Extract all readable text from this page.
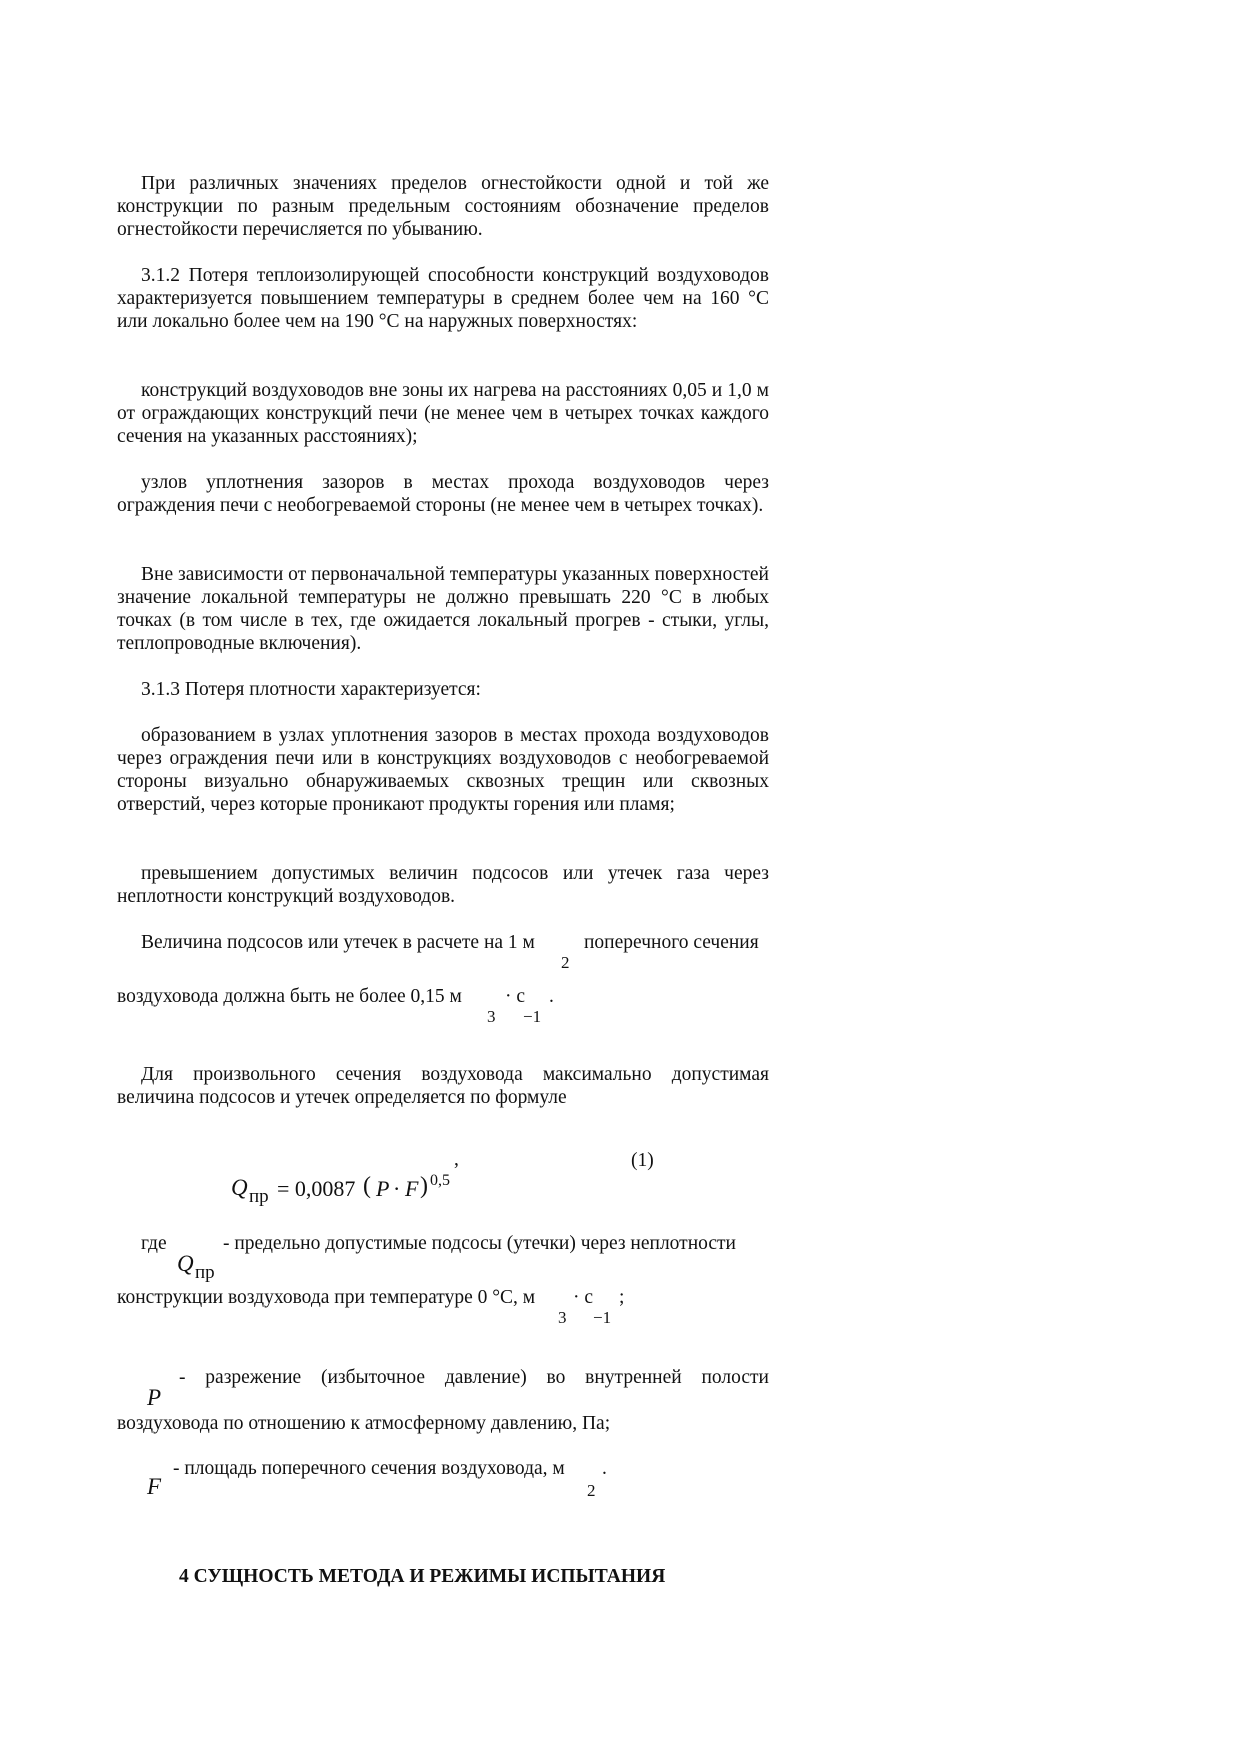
При различных значениях пределов огнестойкости одной и той же конструкции по разным предельным состояниям обозначение пределов огнестойкости перечисляется по убыванию.

3.1.2 Потеря теплоизолирующей способности конструкций воздуховодов характеризуется повышением температуры в среднем более чем на 160 °С или локально более чем на 190 °С на наружных поверхностях:

конструкций воздуховодов вне зоны их нагрева на расстояниях 0,05 и 1,0 м от ограждающих конструкций печи (не менее чем в четырех точках каждого сечения на указанных расстояниях);

узлов уплотнения зазоров в местах прохода воздуховодов через ограждения печи с необогреваемой стороны (не менее чем в четырех точках).

Вне зависимости от первоначальной температуры указанных поверхностей значение локальной температуры не должно превышать 220 °С в любых точках (в том числе в тех, где ожидается локальный прогрев - стыки, углы, теплопроводные включения).

3.1.3 Потеря плотности характеризуется:

образованием в узлах уплотнения зазоров в местах прохода воздуховодов через ограждения печи или в конструкциях воздуховодов с необогреваемой стороны визуально обнаруживаемых сквозных трещин или сквозных отверстий, через которые проникают продукты горения или пламя;

превышением допустимых величин подсосов или утечек газа через неплотности конструкций воздуховодов.

Величина подсосов или утечек в расчете на 1 м
2
поперечного сечения
воздуховода должна быть не более 0,15 м
3
· с
−1
.

Для произвольного сечения воздуховода максимально допустимая величина подсосов и утечек определяется по формуле

Q пр = 0,0087 ( P · F ) 0,5
,	(1)
где
Q пр
- предельно допустимые подсосы (утечки) через неплотности
конструкции воздуховода при температуре 0 °С, м
3
· с
−1
;
P
- разрежение (избыточное давление) во внутренней полости
воздуховода по отношению к атмосферному давлению, Па;
F
- площадь поперечного сечения воздуховода, м
2
.
4 СУЩНОСТЬ МЕТОДА И РЕЖИМЫ ИСПЫТАНИЯ
